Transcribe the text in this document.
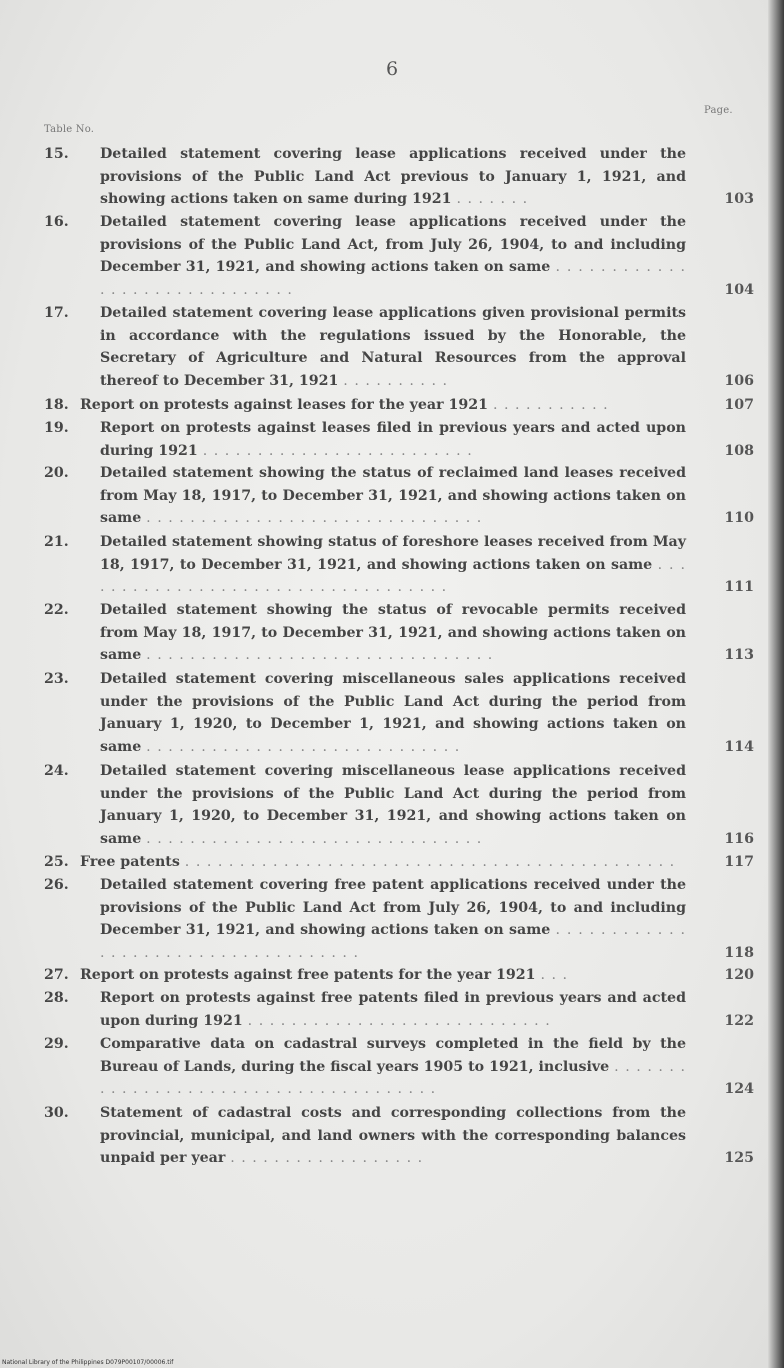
6
Page.
Table No.
15. Detailed statement covering lease applications received under the provisions of the Public Land Act previous to January 1, 1921, and showing actions taken on same during 1921 . . . . . . .	103
16. Detailed statement covering lease applications received under the provisions of the Public Land Act, from July 26, 1904, to and including December 31, 1921, and showing actions taken on same . . . . . . . . . . . . . . . . . . . . . . . . . . . . . .	104
17. Detailed statement covering lease applications given provisional permits in accordance with the regulations issued by the Honorable, the Secretary of Agriculture and Natural Resources from the approval thereof to December 31, 1921 . . . . . . . . . .	106
18. Report on protests against leases for the year 1921 . . . . . . . . . . .	107
19. Report on protests against leases filed in previous years and acted upon during 1921 . . . . . . . . . . . . . . . . . . . . . . . . .	108
20. Detailed statement showing the status of reclaimed land leases received from May 18, 1917, to December 31, 1921, and showing actions taken on same . . . . . . . . . . . . . . . . . . . . . . . . . . . . . . .	110
21. Detailed statement showing status of foreshore leases received from May 18, 1917, to December 31, 1921, and showing actions taken on same . . . . . . . . . . . . . . . . . . . . . . . . . . . . . . . . . . .	111
22. Detailed statement showing the status of revocable permits received from May 18, 1917, to December 31, 1921, and showing actions taken on same . . . . . . . . . . . . . . . . . . . . . . . . . . . . . . . .	113
23. Detailed statement covering miscellaneous sales applications received under the provisions of the Public Land Act during the period from January 1, 1920, to December 1, 1921, and showing actions taken on same . . . . . . . . . . . . . . . . . . . . . . . . . . . . .	114
24. Detailed statement covering miscellaneous lease applications received under the provisions of the Public Land Act during the period from January 1, 1920, to December 31, 1921, and showing actions taken on same . . . . . . . . . . . . . . . . . . . . . . . . . . . . . . .	116
25. Free patents . . . . . . . . . . . . . . . . . . . . . . . . . . . . . . . . . . . . . . . . . . . . .	117
26. Detailed statement covering free patent applications received under the provisions of the Public Land Act from July 26, 1904, to and including December 31, 1921, and showing actions taken on same . . . . . . . . . . . . . . . . . . . . . . . . . . . . . . . . . . . .	118
27. Report on protests against free patents for the year 1921 . . .	120
28. Report on protests against free patents filed in previous years and acted upon during 1921 . . . . . . . . . . . . . . . . . . . . . . . . . . . .	122
29. Comparative data on cadastral surveys completed in the field by the Bureau of Lands, during the fiscal years 1905 to 1921, inclusive . . . . . . . . . . . . . . . . . . . . . . . . . . . . . . . . . . . . . .	124
30. Statement of cadastral costs and corresponding collections from the provincial, municipal, and land owners with the corresponding balances unpaid per year . . . . . . . . . . . . . . . . . .	125
National Library of the Philippines D079P00107/00006.tif
